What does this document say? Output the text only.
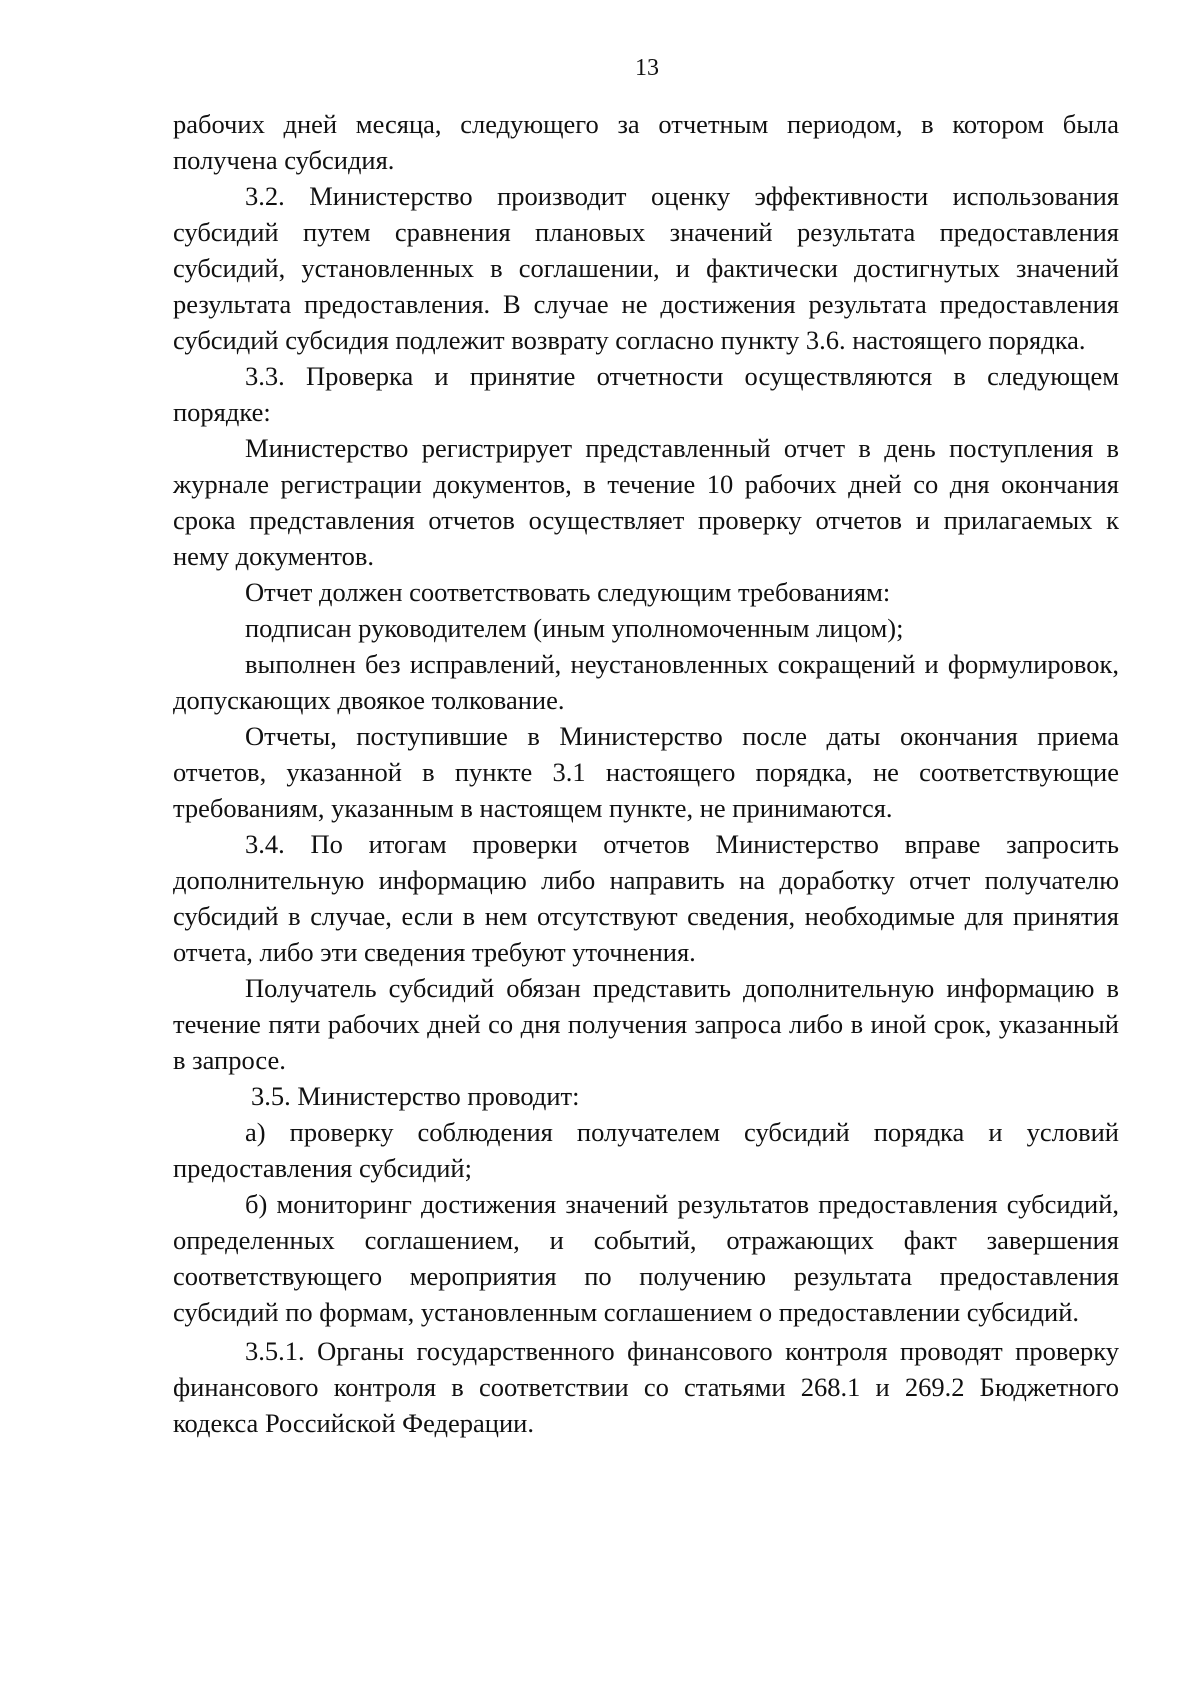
13

рабочих дней месяца, следующего за отчетным периодом, в котором была получена субсидия.

3.2. Министерство производит оценку эффективности использования субсидий путем сравнения плановых значений результата предоставления субсидий, установленных в соглашении, и фактически достигнутых значений результата предоставления. В случае не достижения результата предоставления субсидий субсидия подлежит возврату согласно пункту 3.6. настоящего порядка.

3.3. Проверка и принятие отчетности осуществляются в следующем порядке:

Министерство регистрирует представленный отчет в день поступления в журнале регистрации документов, в течение 10 рабочих дней со дня окончания срока представления отчетов осуществляет проверку отчетов и прилагаемых к нему документов.

Отчет должен соответствовать следующим требованиям:

подписан руководителем (иным уполномоченным лицом);

выполнен без исправлений, неустановленных сокращений и формулировок, допускающих двоякое толкование.

Отчеты, поступившие в Министерство после даты окончания приема отчетов, указанной в пункте 3.1 настоящего порядка, не соответствующие требованиям, указанным в настоящем пункте, не принимаются.

3.4. По итогам проверки отчетов Министерство вправе запросить дополнительную информацию либо направить на доработку отчет получателю субсидий в случае, если в нем отсутствуют сведения, необходимые для принятия отчета, либо эти сведения требуют уточнения.

Получатель субсидий обязан представить дополнительную информацию в течение пяти рабочих дней со дня получения запроса либо в иной срок, указанный в запросе.

3.5. Министерство проводит:

а) проверку соблюдения получателем субсидий порядка и условий предоставления субсидий;

б) мониторинг достижения значений результатов предоставления субсидий, определенных соглашением, и событий, отражающих факт завершения соответствующего мероприятия по получению результата предоставления субсидий по формам, установленным соглашением о предоставлении субсидий.

3.5.1. Органы государственного финансового контроля проводят проверку финансового контроля в соответствии со статьями 268.1 и 269.2 Бюджетного кодекса Российской Федерации.
